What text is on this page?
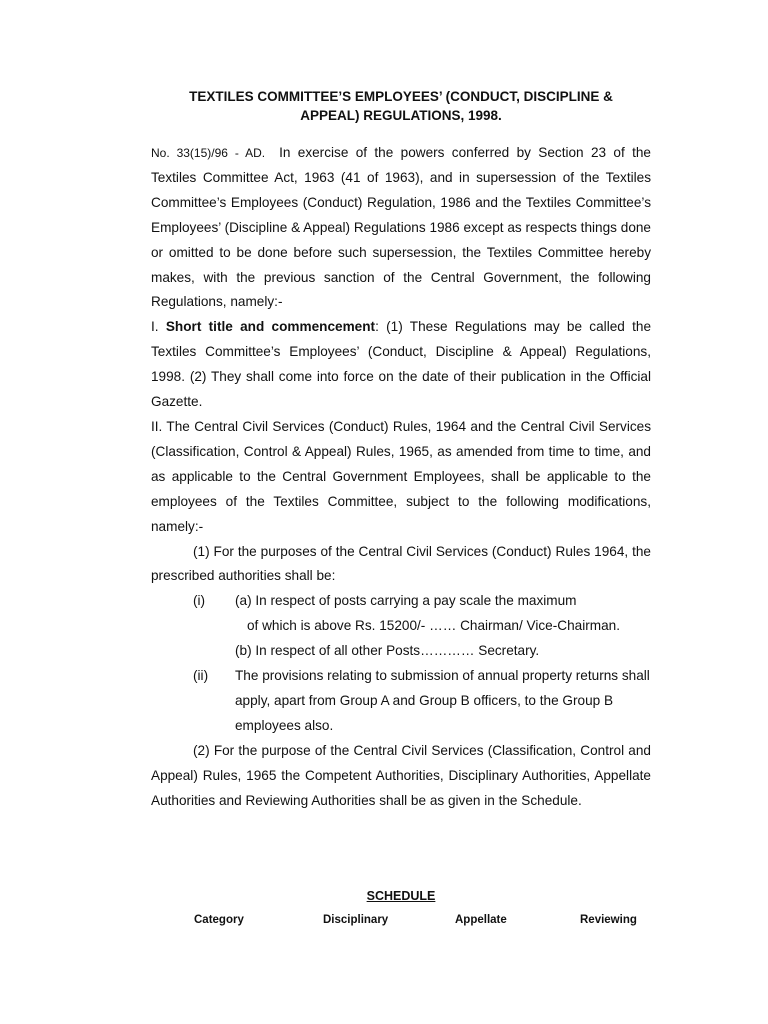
TEXTILES COMMITTEE’S EMPLOYEES’ (CONDUCT, DISCIPLINE &
APPEAL) REGULATIONS, 1998.

No. 33(15)/96 - AD. In exercise of the powers conferred by Section 23 of the Textiles Committee Act, 1963 (41 of 1963), and in supersession of the Textiles Committee’s Employees (Conduct) Regulation, 1986 and the Textiles Committee’s Employees’ (Discipline & Appeal) Regulations 1986 except as respects things done or omitted to be done before such supersession, the Textiles Committee hereby makes, with the previous sanction of the Central Government, the following Regulations, namely:-

I. Short title and commencement: (1) These Regulations may be called the Textiles Committee’s Employees’ (Conduct, Discipline & Appeal) Regulations, 1998. (2) They shall come into force on the date of their publication in the Official Gazette.

II. The Central Civil Services (Conduct) Rules, 1964 and the Central Civil Services (Classification, Control & Appeal) Rules, 1965, as amended from time to time, and as applicable to the Central Government Employees, shall be applicable to the employees of the Textiles Committee, subject to the following modifications, namely:-

(1) For the purposes of the Central Civil Services (Conduct) Rules 1964, the prescribed authorities shall be:

(i)	(a) In respect of posts carrying a pay scale the maximum
of which is above Rs. 15200/- …… Chairman/ Vice-Chairman.
(b) In respect of all other Posts………… Secretary.
(ii)	The provisions relating to submission of annual property returns shall apply, apart from Group A and Group B officers, to the Group B employees also.

(2) For the purpose of the Central Civil Services (Classification, Control and Appeal) Rules, 1965 the Competent Authorities, Disciplinary Authorities, Appellate Authorities and Reviewing Authorities shall be as given in the Schedule.

SCHEDULE
Category	Disciplinary	Appellate	Reviewing
